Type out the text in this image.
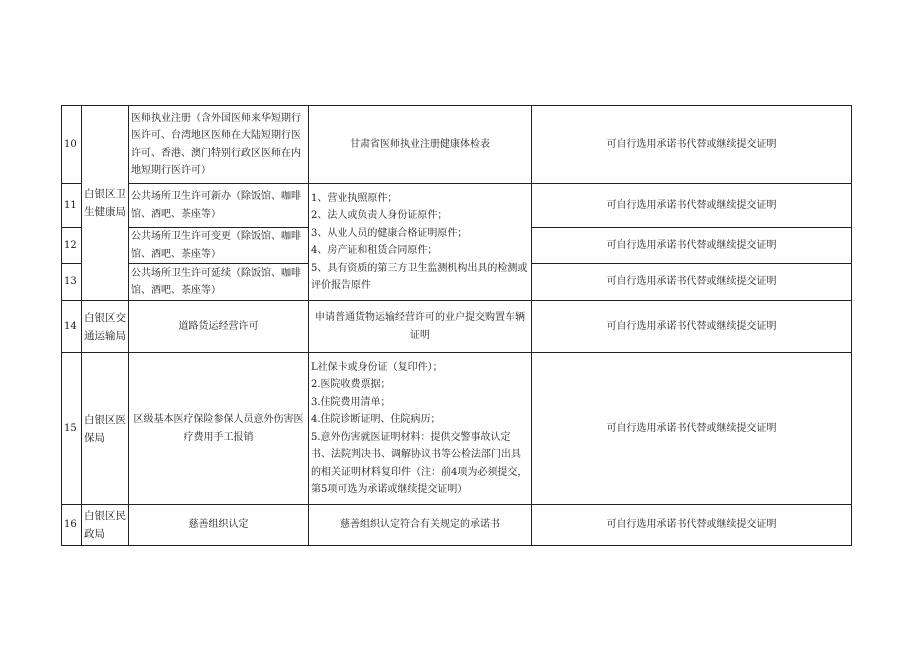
10	白银区卫生健康局	医师执业注册（含外国医师来华短期行医许可、台湾地区医师在大陆短期行医许可、香港、澳门特别行政区医师在内地短期行医许可）	甘肃省医师执业注册健康体检表	可自行选用承诺书代替或继续提交证明
11		公共场所卫生许可新办（除饭馆、咖啡馆、酒吧、茶座等）	1、营业执照原件；
2、法人或负责人身份证原件；
3、从业人员的健康合格证明原件；
4、房产证和租赁合同原件；
5、具有资质的第三方卫生监测机构出具的检测或评价报告原件	可自行选用承诺书代替或继续提交证明
12		公共场所卫生许可变更（除饭馆、咖啡馆、酒吧、茶座等）		可自行选用承诺书代替或继续提交证明
13		公共场所卫生许可延续（除饭馆、咖啡馆、酒吧、茶座等）		可自行选用承诺书代替或继续提交证明
14	白银区交通运输局	道路货运经营许可	申请普通货物运输经营许可的业户提交购置车辆证明	可自行选用承诺书代替或继续提交证明
15	白银区医保局	区级基本医疗保险参保人员意外伤害医疗费用手工报销	L社保卡或身份证（复印件）；
2.医院收费票据；
3.住院费用清单；
4.住院诊断证明、住院病历；
5.意外伤害就医证明材料：提供交警事故认定书、法院判决书、调解协议书等公检法部门出具的相关证明材料复印件（注：前4项为必须提交，第5项可选为承诺或继续提交证明）	可自行选用承诺书代替或继续提交证明
16	白银区民政局	慈善组织认定	慈善组织认定符合有关规定的承诺书	可自行选用承诺书代替或继续提交证明
